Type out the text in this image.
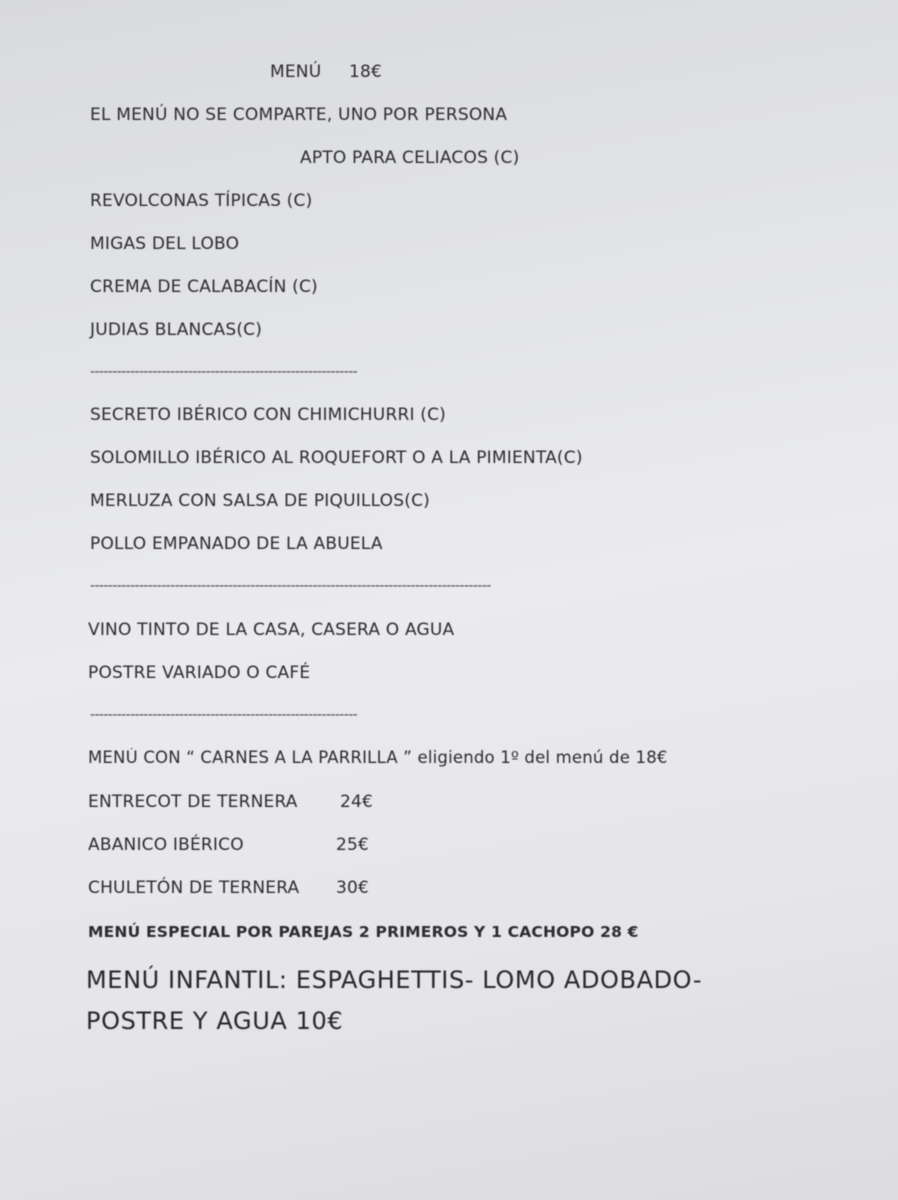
MENÚ 18€
EL MENÚ NO SE COMPARTE, UNO POR PERSONA
APTO PARA CELIACOS (C)
REVOLCONAS TÍPICAS (C)
MIGAS DEL LOBO
CREMA DE CALABACÍN (C)
JUDIAS BLANCAS(C)
------------------------------------------------------------
SECRETO IBÉRICO CON CHIMICHURRI (C)
SOLOMILLO IBÉRICO AL ROQUEFORT O A LA PIMIENTA(C)
MERLUZA CON SALSA DE PIQUILLOS(C)
POLLO EMPANADO DE LA ABUELA
------------------------------------------------------------------------------------------
VINO TINTO DE LA CASA, CASERA O AGUA
POSTRE VARIADO O CAFÉ
------------------------------------------------------------
MENÚ CON “ CARNES A LA PARRILLA ” eligiendo 1º del menú de 18€
ENTRECOT DE TERNERA 24€
ABANICO IBÉRICO	25€
CHULETÓN DE TERNERA 30€
MENÚ ESPECIAL POR PAREJAS 2 PRIMEROS Y 1 CACHOPO 28 €
MENÚ INFANTIL: ESPAGHETTIS- LOMO ADOBADO-
POSTRE Y AGUA 10€
